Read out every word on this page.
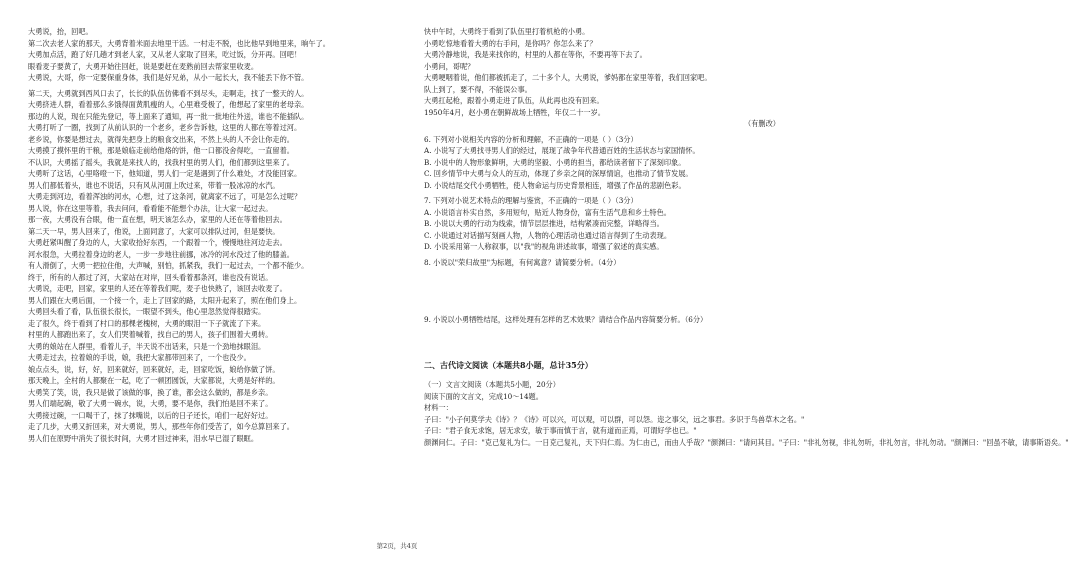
大勇说，抬，回吧。

第二次去老人家的那天，大勇背着米面去地里干活。一村走不脱，也比他早到地里来，晌午了。

大勇加点活，跑了好几趟才到老人家，又从老人家取了回来，吃过饭，分开再。回吧！

眼看麦子要黄了，大勇开始往回赶，说是要赶在麦熟前回去帮家里收麦。

大勇说，大哥，你一定要保重身体，我们是好兄弟，从小一起长大，我不能丢下你不管。

第二天，大勇就到西风口去了，长长的队伍仿佛看不到尽头，走啊走，找了一整天的人。

大勇挤进人群，看着那么多饿得面黄肌瘦的人，心里难受极了，他想起了家里的老母亲。

那边的人说，现在只能先登记，等上面来了通知，再一批一批地往外送，谁也不能插队。

大勇打听了一圈，找到了从前认识的一个老乡，老乡告诉他，这里的人都在等着过河。

老乡说，你要是想过去，就得先把身上的粮食交出来，不然上头的人不会让你走的。

大勇摸了摸怀里的干粮，那是娘临走前给他烙的饼，他一口都没舍得吃，一直留着。

不认识，大勇摇了摇头，我就是来找人的，找我村里的男人们，他们都到这里来了。

大勇听了这话，心里咯噔一下，他知道，男人们一定是遇到了什么难处，才没能回家。

男人们都低着头，谁也不说话，只有风从河面上吹过来，带着一股冰凉的水汽。

大勇走到河边，看着浑浊的河水，心想，过了这条河，就离家不远了，可是怎么过呢？

男人说，你在这里等着，我去问问，看看能不能想个办法，让大家一起过去。

那一夜，大勇没有合眼，他一直在想，明天该怎么办，家里的人还在等着他回去。

第二天一早，男人回来了，他说，上面同意了，大家可以排队过河，但是要快。

大勇赶紧叫醒了身边的人，大家收拾好东西，一个跟着一个，慢慢地往河边走去。

河水很急，大勇拉着身边的老人，一步一步地往前挪，冰冷的河水没过了他的膝盖。

有人滑倒了，大勇一把拉住他，大声喊，别怕，抓紧我，我们一起过去，一个都不能少。

终于，所有的人都过了河，大家站在对岸，回头看着那条河，谁也没有说话。

大勇说，走吧，回家，家里的人还在等着我们呢，麦子也快熟了，该回去收麦了。

男人们跟在大勇后面，一个接一个，走上了回家的路，太阳升起来了，照在他们身上。

大勇回头看了看，队伍很长很长，一眼望不到头，他心里忽然觉得很踏实。

走了很久，终于看到了村口的那棵老槐树，大勇的眼泪一下子就流了下来。

村里的人都跑出来了，女人们哭着喊着，找自己的男人，孩子们围着大勇转。

大勇的娘站在人群里，看着儿子，半天说不出话来，只是一个劲地抹眼泪。

大勇走过去，拉着娘的手说，娘，我把大家都带回来了，一个也没少。

娘点点头，说，好，好，回来就好，回来就好，走，回家吃饭，娘给你做了饼。

那天晚上，全村的人都聚在一起，吃了一顿团圆饭，大家都说，大勇是好样的。

大勇笑了笑，说，我只是做了该做的事，换了谁，都会这么做的，都是乡亲。

男人们端起碗，敬了大勇一碗水，说，大勇，要不是你，我们怕是回不来了。

大勇接过碗，一口喝干了，抹了抹嘴说，以后的日子还长，咱们一起好好过。

走了几步，大勇又折回来，对大勇说，男人，那些年你们受苦了，如今总算回来了。

男人们在原野中消失了很长时间，大勇才回过神来，泪水早已湿了眼眶。

快中午时，大勇终于看到了队伍里打着机枪的小勇。

小勇吃惊地看着大勇的右手问，是你吗？你怎么来了？

大勇冷静地说，我是来找你的，村里的人都在等你，不要再等下去了。

小勇问，哥呢？

大勇哽咽着说，他们都被抓走了，二十多个人，大勇说，爹妈都在家里等着，我们回家吧。

队上到了，要不得，不能误公事。

大勇扛起枪，跟着小勇走进了队伍，从此再也没有回来。

1950年4月，赵小勇在朝鲜战场上牺牲，年仅二十一岁。

（有删改）

6. 下列对小说相关内容的分析和理解，不正确的一项是（ ）（3分）

A. 小说写了大勇找寻男人们的经过，展现了战争年代普通百姓的生活状态与家国情怀。

B. 小说中的人物形象鲜明，大勇的坚毅、小勇的担当，都给读者留下了深刻印象。

C. 回乡情节中大勇与众人的互动，体现了乡亲之间的深厚情谊，也推动了情节发展。

D. 小说结尾交代小勇牺牲，使人物命运与历史背景相连，增强了作品的悲剧色彩。

7. 下列对小说艺术特点的理解与鉴赏，不正确的一项是（ ）（3分）

A. 小说语言朴实自然，多用短句，贴近人物身份，富有生活气息和乡土特色。

B. 小说以大勇的行动为线索，情节层层推进，结构紧凑而完整，详略得当。

C. 小说通过对话描写刻画人物，人物的心理活动也通过语言得到了生动表现。

D. 小说采用第一人称叙事，以"我"的视角讲述故事，增强了叙述的真实感。

8. 小说以"荣归故里"为标题，有何寓意？请简要分析。（4分）

9. 小说以小勇牺牲结尾，这样处理有怎样的艺术效果？请结合作品内容简要分析。（6分）

二、古代诗文阅读（本题共8小题，总计35分）

（一）文言文阅读（本题共5小题，20分）

阅读下面的文言文，完成10～14题。

材料一：

子曰："小子何莫学夫《诗》？《诗》可以兴，可以观，可以群，可以怨。迩之事父，远之事君。多识于鸟兽草木之名。"

子曰："君子食无求饱，居无求安，敏于事而慎于言，就有道而正焉，可谓好学也已。"

颜渊问仁。子曰："克己复礼为仁。一日克己复礼，天下归仁焉。为仁由己，而由人乎哉？"颜渊曰："请问其目。"子曰："非礼勿视，非礼勿听，非礼勿言，非礼勿动。"颜渊曰："回虽不敏，请事斯语矣。"

第2页，共4页
